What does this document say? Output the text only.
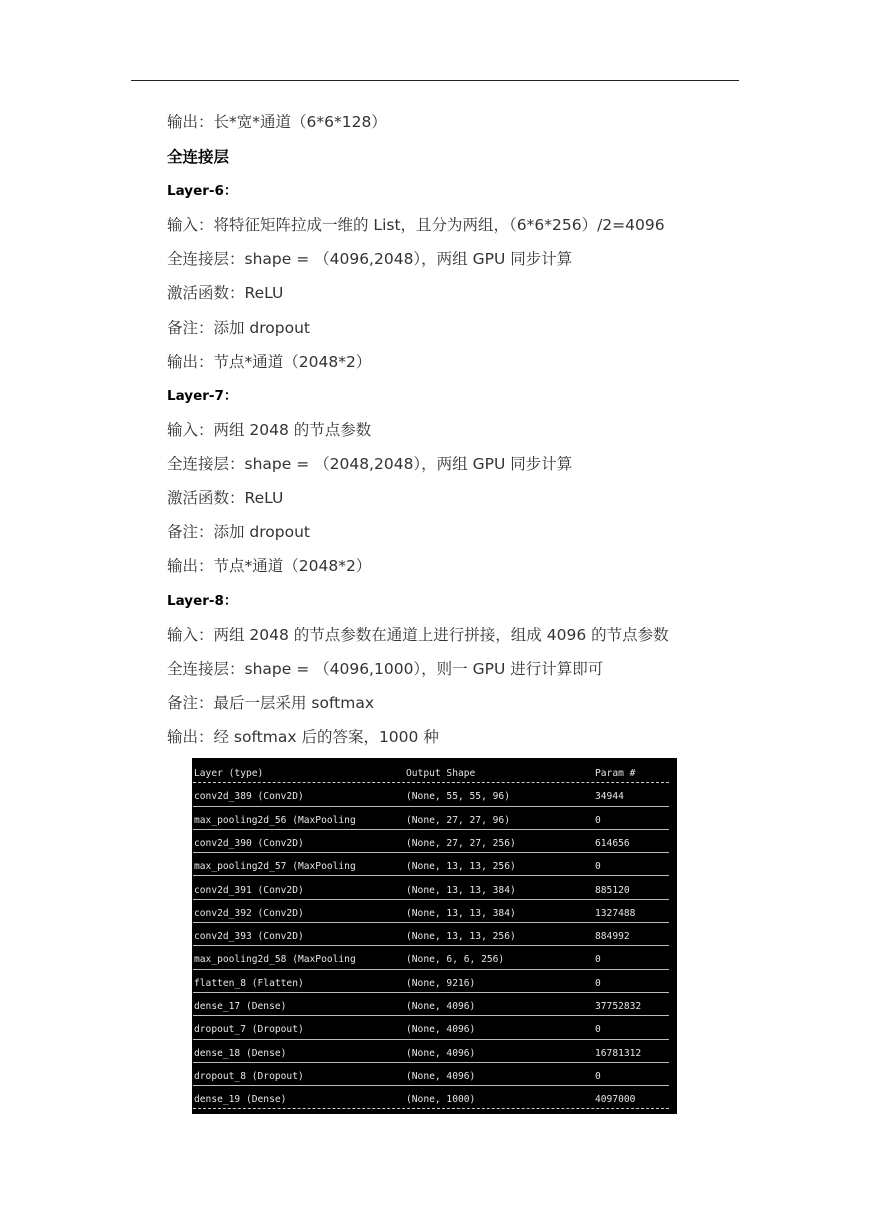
输出：长*宽*通道（6*6*128）
全连接层
Layer-6：
输入：将特征矩阵拉成一维的 List，且分为两组，（6*6*256）/2=4096
全连接层：shape = （4096,2048），两组 GPU 同步计算
激活函数：ReLU
备注：添加 dropout
输出：节点*通道（2048*2）
Layer-7：
输入：两组 2048 的节点参数
全连接层：shape = （2048,2048），两组 GPU 同步计算
激活函数：ReLU
备注：添加 dropout
输出：节点*通道（2048*2）
Layer-8：
输入：两组 2048 的节点参数在通道上进行拼接，组成 4096 的节点参数
全连接层：shape = （4096,1000），则一 GPU 进行计算即可
备注：最后一层采用 softmax
输出：经 softmax 后的答案，1000 种
Layer (type)	Output Shape	Param #
conv2d_389 (Conv2D)	(None, 55, 55, 96)	34944
max_pooling2d_56 (MaxPooling	(None, 27, 27, 96)	0
conv2d_390 (Conv2D)	(None, 27, 27, 256)	614656
max_pooling2d_57 (MaxPooling	(None, 13, 13, 256)	0
conv2d_391 (Conv2D)	(None, 13, 13, 384)	885120
conv2d_392 (Conv2D)	(None, 13, 13, 384)	1327488
conv2d_393 (Conv2D)	(None, 13, 13, 256)	884992
max_pooling2d_58 (MaxPooling	(None, 6, 6, 256)	0
flatten_8 (Flatten)	(None, 9216)	0
dense_17 (Dense)	(None, 4096)	37752832
dropout_7 (Dropout)	(None, 4096)	0
dense_18 (Dense)	(None, 4096)	16781312
dropout_8 (Dropout)	(None, 4096)	0
dense_19 (Dense)	(None, 1000)	4097000
